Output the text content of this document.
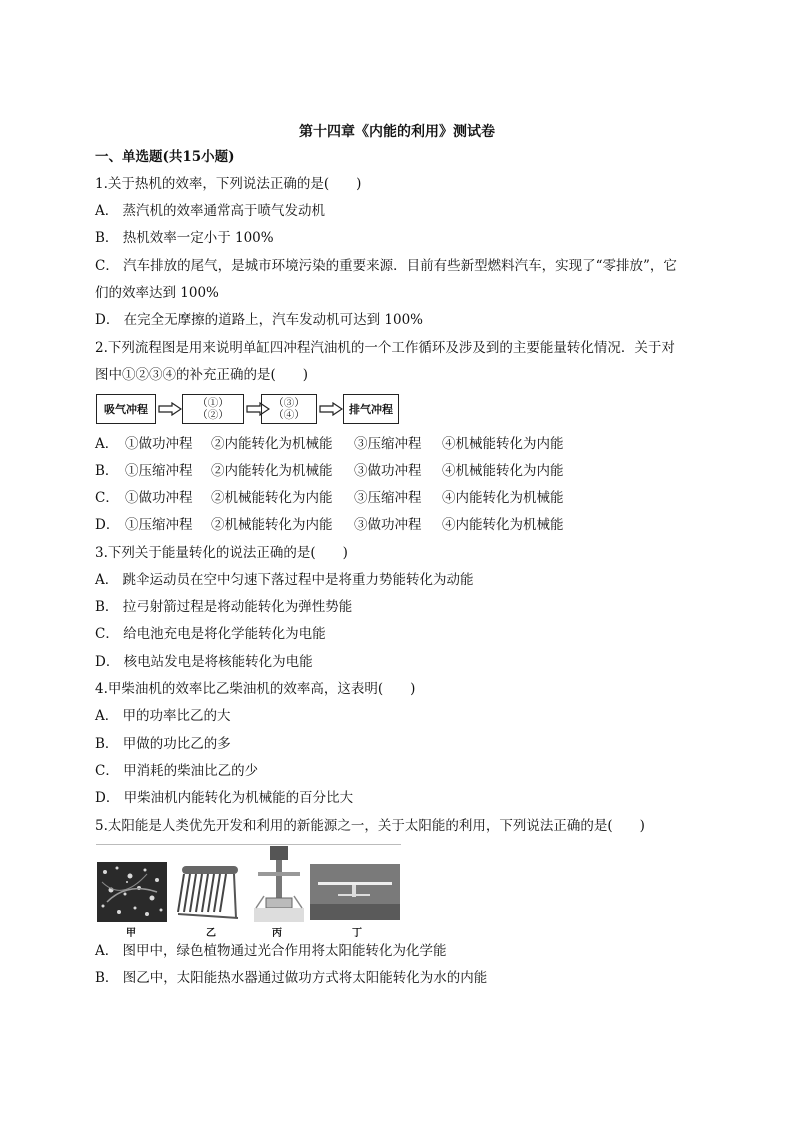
第十四章《内能的利用》测试卷
一、单选题(共15小题)
1.关于热机的效率，下列说法正确的是(　　)
A． 蒸汽机的效率通常高于喷气发动机
B． 热机效率一定小于 100%
C． 汽车排放的尾气，是城市环境污染的重要来源．目前有些新型燃料汽车，实现了“零排放”，它
们的效率达到 100%
D． 在完全无摩擦的道路上，汽车发动机可达到 100%
2.下列流程图是用来说明单缸四冲程汽油机的一个工作循环及涉及到的主要能量转化情况．关于对
图中①②③④的补充正确的是(　　)
吸气冲程	（①）
（②）
（③）
（④）	排气冲程
A． ①做功冲程 ②内能转化为机械能 ③压缩冲程 ④机械能转化为内能
B． ①压缩冲程 ②内能转化为机械能 ③做功冲程 ④机械能转化为内能
C． ①做功冲程 ②机械能转化为内能 ③压缩冲程 ④内能转化为机械能
D． ①压缩冲程 ②机械能转化为内能 ③做功冲程 ④内能转化为机械能
3.下列关于能量转化的说法正确的是(　　)
A． 跳伞运动员在空中匀速下落过程中是将重力势能转化为动能
B． 拉弓射箭过程是将动能转化为弹性势能
C． 给电池充电是将化学能转化为电能
D． 核电站发电是将核能转化为电能
4.甲柴油机的效率比乙柴油机的效率高，这表明(　　)
A． 甲的功率比乙的大
B． 甲做的功比乙的多
C． 甲消耗的柴油比乙的少
D． 甲柴油机内能转化为机械能的百分比大
5.太阳能是人类优先开发和利用的新能源之一，关于太阳能的利用，下列说法正确的是(　　)
甲	乙	丙	丁
A． 图甲中，绿色植物通过光合作用将太阳能转化为化学能
B． 图乙中，太阳能热水器通过做功方式将太阳能转化为水的内能
